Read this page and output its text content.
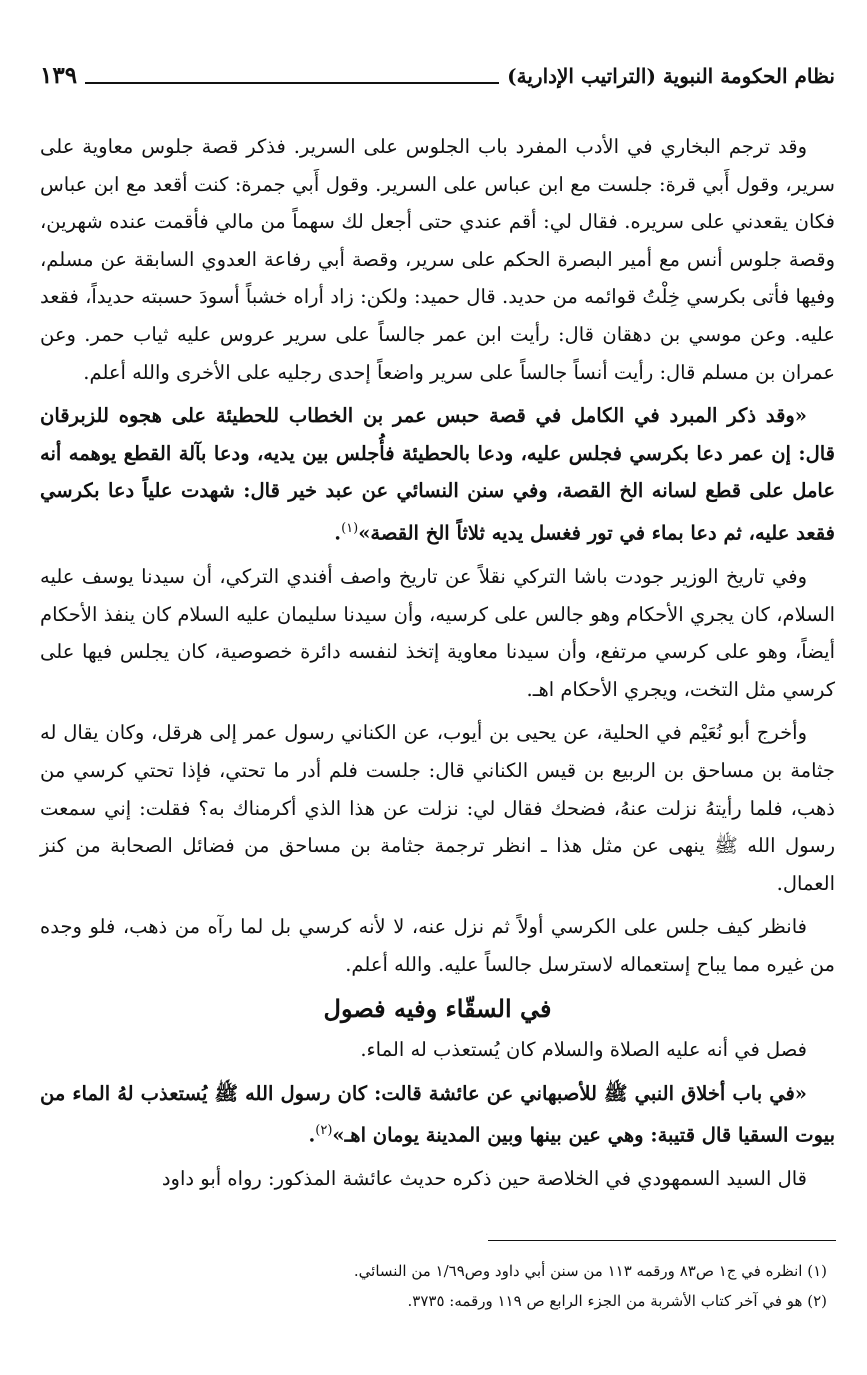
نظام الحكومة النبوية (التراتيب الإدارية)
١٣٩

وقد ترجم البخاري في الأدب المفرد باب الجلوس على السرير. فذكر قصة جلوس معاوية على سرير، وقول أَبي قرة: جلست مع ابن عباس على السرير. وقول أَبي جمرة: كنت أقعد مع ابن عباس فكان يقعدني على سريره. فقال لي: أقم عندي حتى أجعل لك سهماً من مالي فأقمت عنده شهرين، وقصة جلوس أنس مع أمير البصرة الحكم على سرير، وقصة أبي رفاعة العدوي السابقة عن مسلم، وفيها فأتى بكرسي خِلْتُ قوائمه من حديد. قال حميد: ولكن: زاد أراه خشباً أسودَ حسبته حديداً، فقعد عليه. وعن موسي بن دهقان قال: رأيت ابن عمر جالساً على سرير عروس عليه ثياب حمر. وعن عمران بن مسلم قال: رأيت أنساً جالساً على سرير واضعاً إحدى رجليه على الأخرى والله أعلم.

«وقد ذكر المبرد في الكامل في قصة حبس عمر بن الخطاب للحطيئة على هجوه للزبرقان قال: إن عمر دعا بكرسي فجلس عليه، ودعا بالحطيئة فأُجلس بين يديه، ودعا بآلة القطع يوهمه أنه عامل على قطع لسانه الخ القصة، وفي سنن النسائي عن عبد خير قال: شهدت علياً دعا بكرسي فقعد عليه، ثم دعا بماء في تور فغسل يديه ثلاثاً الخ القصة»$^{(١)}$.

وفي تاريخ الوزير جودت باشا التركي نقلاً عن تاريخ واصف أفندي التركي، أن سيدنا يوسف عليه السلام، كان يجري الأحكام وهو جالس على كرسيه، وأن سيدنا سليمان عليه السلام كان ينفذ الأحكام أيضاً، وهو على كرسي مرتفع، وأن سيدنا معاوية إتخذ لنفسه دائرة خصوصية، كان يجلس فيها على كرسي مثل التخت، ويجري الأحكام اهـ.

وأخرج أبو نُعَيْم في الحلية، عن يحيى بن أيوب، عن الكناني رسول عمر إلى هرقل، وكان يقال له جثامة بن مساحق بن الربيع بن قيس الكناني قال: جلست فلم أدر ما تحتي، فإذا تحتي كرسي من ذهب، فلما رأيتهُ نزلت عنهُ، فضحك فقال لي: نزلت عن هذا الذي أكرمناك به؟ فقلت: إني سمعت رسول الله ﷺ ينهى عن مثل هذا ـ انظر ترجمة جثامة بن مساحق من فضائل الصحابة من كنز العمال.

فانظر كيف جلس على الكرسي أولاً ثم نزل عنه، لا لأنه كرسي بل لما رآه من ذهب، فلو وجده من غيره مما يباح إستعماله لاسترسل جالساً عليه. والله أعلم.

في السقّاء وفيه فصول

فصل في أنه عليه الصلاة والسلام كان يُستعذب له الماء.

«في باب أخلاق النبي ﷺ للأصبهاني عن عائشة قالت: كان رسول الله ﷺ يُستعذب لهُ الماء من بيوت السقيا قال قتيبة: وهي عين بينها وبين المدينة يومان اهـ»$^{(٢)}$.

قال السيد السمهودي في الخلاصة حين ذكره حديث عائشة المذكور: رواه أبو داود

(١) انظره في ج١ ص٨٣ ورقمه ١١٣ من سنن أبي داود وص١/٦٩ من النسائي.

(٢) هو في آخر كتاب الأشربة من الجزء الرابع ص ١١٩ ورقمه: ٣٧٣٥.
